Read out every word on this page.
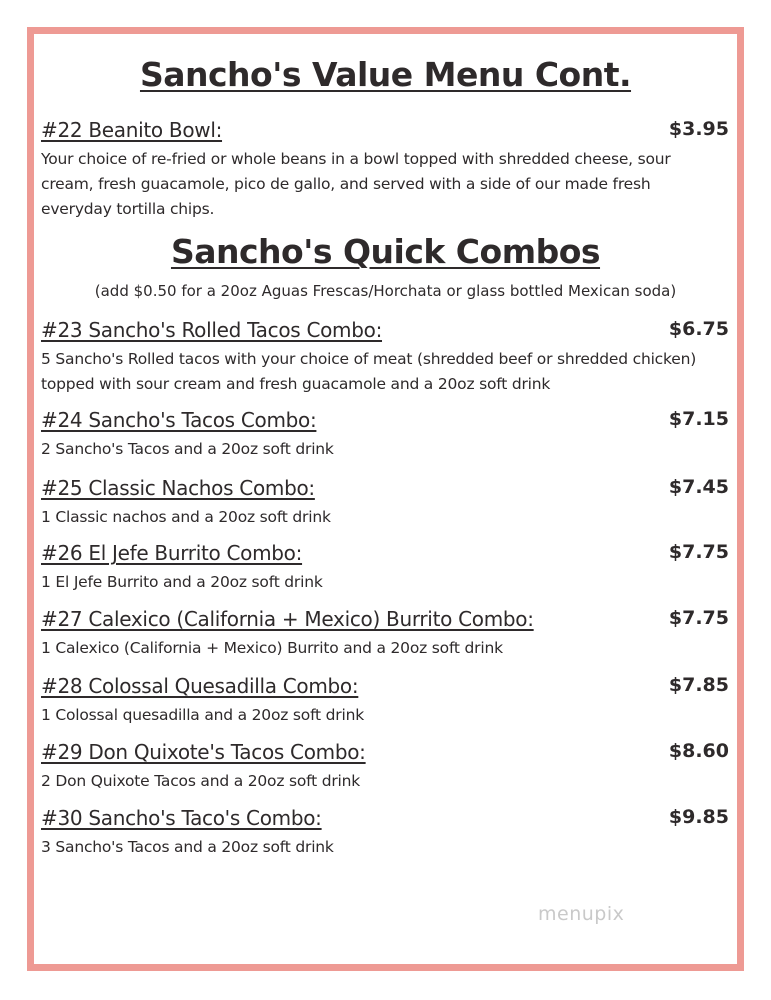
Sancho's Value Menu Cont.
#22 Beanito Bowl:	$3.95
Your choice of re-fried or whole beans in a bowl topped with shredded cheese, sour cream, fresh guacamole, pico de gallo, and served with a side of our made fresh everyday tortilla chips.
Sancho's Quick Combos
(add $0.50 for a 20oz Aguas Frescas/Horchata or glass bottled Mexican soda)
#23 Sancho's Rolled Tacos Combo:	$6.75
5 Sancho's Rolled tacos with your choice of meat (shredded beef or shredded chicken) topped with sour cream and fresh guacamole and a 20oz soft drink
#24 Sancho's Tacos Combo:	$7.15
2 Sancho's Tacos and a 20oz soft drink
#25 Classic Nachos Combo:	$7.45
1 Classic nachos and a 20oz soft drink
#26 El Jefe Burrito Combo:	$7.75
1 El Jefe Burrito and a 20oz soft drink
#27 Calexico (California + Mexico) Burrito Combo:	$7.75
1 Calexico (California + Mexico) Burrito and a 20oz soft drink
#28 Colossal Quesadilla Combo:	$7.85
1 Colossal quesadilla and a 20oz soft drink
#29 Don Quixote's Tacos Combo:	$8.60
2 Don Quixote Tacos and a 20oz soft drink
#30 Sancho's Taco's Combo:	$9.85
3 Sancho's Tacos and a 20oz soft drink
menupix
